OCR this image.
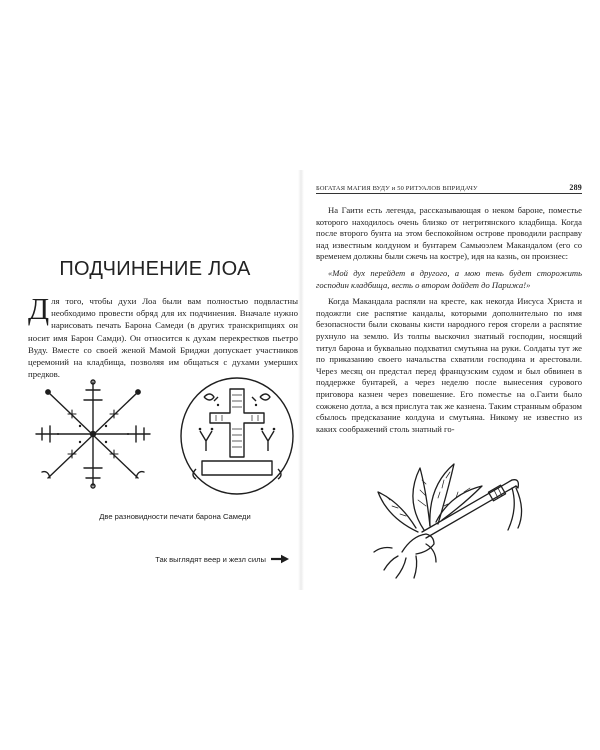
ПОДЧИНЕНИЕ ЛОА

Для того, чтобы духи Лоа были вам полностью подвластны необходимо провести обряд для их подчинения. Вначале нужно нарисовать печать Барона Самеди (в других транскрипциях он носит имя Барон Самди). Он относится к духам перекрестков пьетро Вуду. Вместе со своей женой Мамой Бриджи допускает участников церемоний на кладбища, позволяя им общаться с духами умерших предков.

Две разновидности печати барона Самеди

Так выглядят веер и жезл силы

БОГАТАЯ МАГИЯ ВУДУ и 50 РИТУАЛОВ ВПРИДАЧУ	289

На Гаити есть легенда, рассказывающая о неком бароне, поместье которого находилось очень близко от негритянского кладбища. Когда после второго бунта на этом беспокойном острове проводили расправу над известным колдуном и бунтарем Самьюэлем Макандалом (его со временем должны были сжечь на костре), идя на казнь, он произнес:

«Мой дух перейдет в другого, а мою тень будет сторожить господин кладбища, весть о втором дойдет до Парижа!»

Когда Макандала распяли на кресте, как некогда Иисуса Христа и подожгли сие распятие кандалы, которыми дополнительно по имя безопасности были скованы кисти народного героя сгорели а распятие рухнуло на землю. Из толпы выскочил знатный господин, носящий титул барона и буквально подхватил смутьяна на руки. Солдаты тут же по приказанию своего начальства схватили господина и арестовали. Через месяц он предстал перед французским судом и был обвинен в поддержке бунтарей, а через неделю после вынесения сурового приговора казнен через повешение. Его поместье на о.Гаити было сожжено дотла, а вся прислуга так же казнена. Таким странным образом сбылось предсказание колдуна и смутьяна. Никому не известно из каких соображений столь знатный го-
